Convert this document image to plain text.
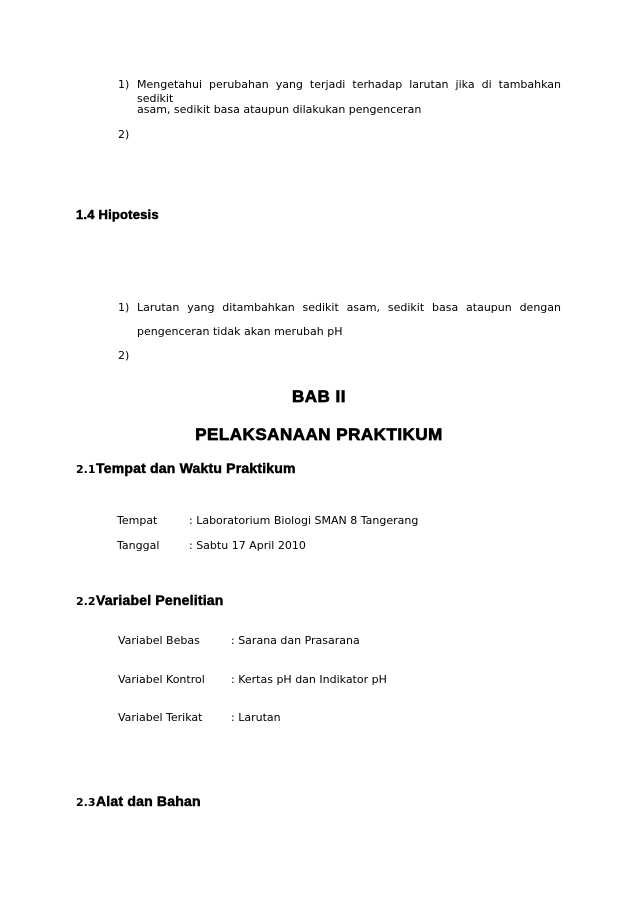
1) Mengetahui perubahan yang terjadi terhadap larutan jika di tambahkan sedikit
asam, sedikit basa ataupun dilakukan pengenceran
2)
1.4 Hipotesis
1) Larutan yang ditambahkan sedikit asam, sedikit basa ataupun dengan
pengenceran tidak akan merubah pH
2)
BAB II
PELAKSANAAN PRAKTIKUM
2.1 Tempat dan Waktu Praktikum
Tempat	: Laboratorium Biologi SMAN 8 Tangerang
Tanggal	: Sabtu 17 April 2010
2.2 Variabel Penelitian
Variabel Bebas	: Sarana dan Prasarana
Variabel Kontrol : Kertas pH dan Indikator pH
Variabel Terikat	: Larutan
2.3 Alat dan Bahan
